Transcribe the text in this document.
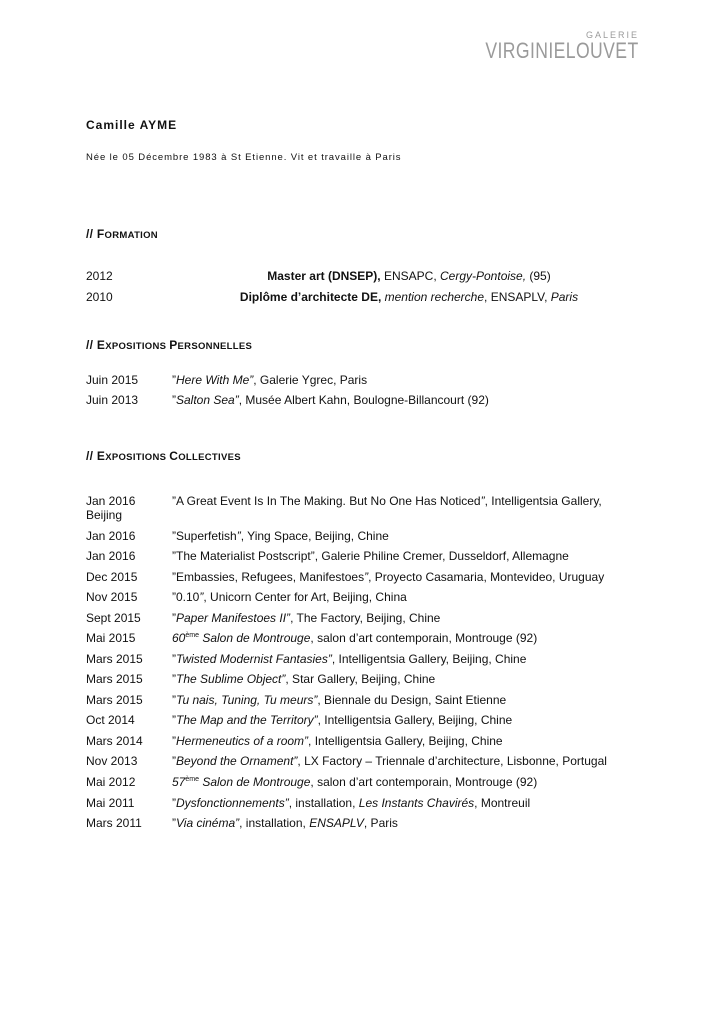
GALERIE
VIRGINIELOUVET
Camille AYME
Née le 05 Décembre 1983 à St Etienne. Vit et travaille à Paris
// FORMATION
2012	Master art (DNSEP), ENSAPC, Cergy-Pontoise, (95)
2010	Diplôme d’architecte DE, mention recherche, ENSAPLV, Paris
// EXPOSITIONS PERSONNELLES
Juin 2015	”Here With Me”, Galerie Ygrec, Paris
Juin 2013	”Salton Sea”, Musée Albert Kahn, Boulogne-Billancourt (92)
// EXPOSITIONS COLLECTIVES
Jan 2016	”A Great Event Is In The Making. But No One Has Noticed”, Intelligentsia Gallery,
Beijing
Jan 2016	”Superfetish”, Ying Space, Beijing, Chine
Jan 2016	”The Materialist Postscript”, Galerie Philine Cremer, Dusseldorf, Allemagne
Dec 2015	”Embassies, Refugees, Manifestoes”, Proyecto Casamaria, Montevideo, Uruguay
Nov 2015	”0.10”, Unicorn Center for Art, Beijing, China
Sept 2015	”Paper Manifestoes II”, The Factory, Beijing, Chine
Mai 2015	60ème Salon de Montrouge, salon d’art contemporain, Montrouge (92)
Mars 2015 ”Twisted Modernist Fantasies”, Intelligentsia Gallery, Beijing, Chine
Mars 2015 ”The Sublime Object”, Star Gallery, Beijing, Chine
Mars 2015 ”Tu nais, Tuning, Tu meurs”, Biennale du Design, Saint Etienne
Oct 2014	”The Map and the Territory”, Intelligentsia Gallery, Beijing, Chine
Mars 2014 ”Hermeneutics of a room”, Intelligentsia Gallery, Beijing, Chine
Nov 2013	”Beyond the Ornament”, LX Factory – Triennale d’architecture, Lisbonne, Portugal
Mai 2012	57ème Salon de Montrouge, salon d’art contemporain, Montrouge (92)
Mai 2011	”Dysfonctionnements”, installation, Les Instants Chavirés, Montreuil
Mars 2011	”Via cinéma”, installation, ENSAPLV, Paris
